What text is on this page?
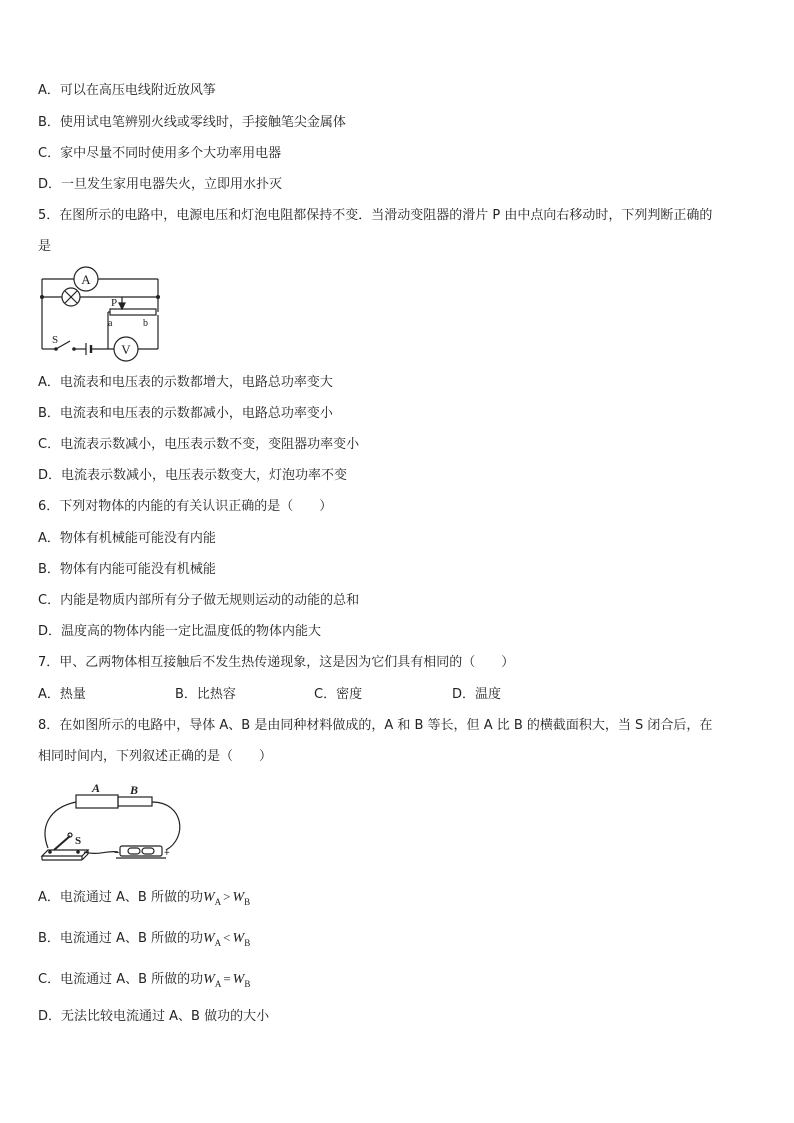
A．可以在高压电线附近放风筝
B．使用试电笔辨别火线或零线时，手接触笔尖金属体
C．家中尽量不同时使用多个大功率用电器
D．一旦发生家用电器失火，立即用水扑灭
5．在图所示的电路中，电源电压和灯泡电阻都保持不变．当滑动变阻器的滑片 P 由中点向右移动时，下列判断正确的
是
A
V
P
a	b
S
A．电流表和电压表的示数都增大，电路总功率变大
B．电流表和电压表的示数都减小，电路总功率变小
C．电流表示数减小，电压表示数不变，变阻器功率变小
D．电流表示数减小，电压表示数变大，灯泡功率不变
6．下列对物体的内能的有关认识正确的是（　　）
A．物体有机械能可能没有内能
B．物体有内能可能没有机械能
C．内能是物质内部所有分子做无规则运动的动能的总和
D．温度高的物体内能一定比温度低的物体内能大
7．甲、乙两物体相互接触后不发生热传递现象，这是因为它们具有相同的（　　）
A．热量	B．比热容	C．密度	D．温度
8．在如图所示的电路中，导体 A、B 是由同种材料做成的，A 和 B 等长，但 A 比 B 的横截面积大，当 S 闭合后，在
相同时间内，下列叙述正确的是（　　）
A B
S
−	+
A．电流通过 A、B 所做的功$W_A > W_B$
B．电流通过 A、B 所做的功$W_A < W_B$
C．电流通过 A、B 所做的功$W_A = W_B$
D．无法比较电流通过 A、B 做功的大小
